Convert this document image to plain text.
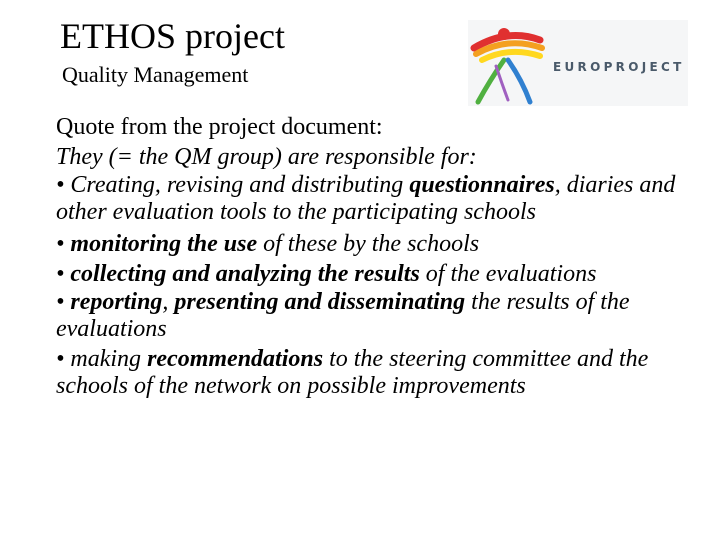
ETHOS project
Quality Management	EUROPROJECT

Quote from the project document:

They (= the QM group) are responsible for:

• Creating, revising and distributing questionnaires, diaries and other evaluation tools to the participating schools

• monitoring the use of these by the schools

• collecting and analyzing the results of the evaluations

• reporting, presenting and disseminating the results of the evaluations

• making recommendations to the steering committee and the schools of the network on possible improvements
